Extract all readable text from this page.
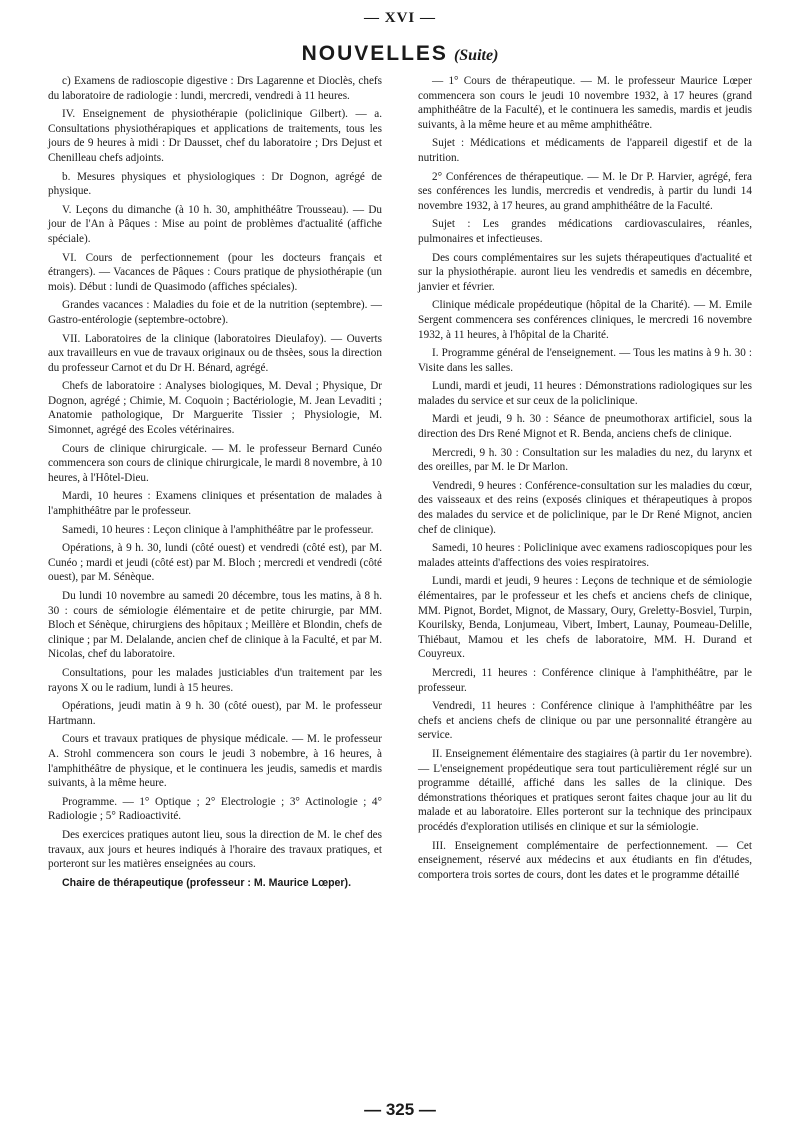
— XVI —
NOUVELLES (Suite)

c) Examens de radioscopie digestive : Drs Lagarenne et Dioclès, chefs du laboratoire de radiologie : lundi, mercredi, vendredi à 11 heures.

IV. Enseignement de physiothérapie (policlinique Gilbert). — a. Consultations physiothérapiques et applications de traitements, tous les jours de 9 heures à midi : Dr Dausset, chef du laboratoire ; Drs Dejust et Chenilleau chefs adjoints.

b. Mesures physiques et physiologiques : Dr Dognon, agrégé de physique.

V. Leçons du dimanche (à 10 h. 30, amphithéâtre Trousseau). — Du jour de l'An à Pâques : Mise au point de problèmes d'actualité (affiche spéciale).

VI. Cours de perfectionnement (pour les docteurs français et étrangers). — Vacances de Pâques : Cours pratique de physiothérapie (un mois). Début : lundi de Quasimodo (affiches spéciales).

Grandes vacances : Maladies du foie et de la nutrition (septembre). — Gastro-entérologie (septembre-octobre).

VII. Laboratoires de la clinique (laboratoires Dieulafoy). — Ouverts aux travailleurs en vue de travaux originaux ou de thsèes, sous la direction du professeur Carnot et du Dr H. Bénard, agrégé.

Chefs de laboratoire : Analyses biologiques, M. Deval ; Physique, Dr Dognon, agrégé ; Chimie, M. Coquoin ; Bactériologie, M. Jean Levaditi ; Anatomie pathologique, Dr Marguerite Tissier ; Physiologie, M. Simonnet, agrégé des Ecoles vétérinaires.

Cours de clinique chirurgicale. — M. le professeur Bernard Cunéo commencera son cours de clinique chirurgicale, le mardi 8 novembre, à 10 heures, à l'Hôtel-Dieu.

Mardi, 10 heures : Examens cliniques et présentation de malades à l'amphithéâtre par le professeur.

Samedi, 10 heures : Leçon clinique à l'amphithéâtre par le professeur.

Opérations, à 9 h. 30, lundi (côté ouest) et vendredi (côté est), par M. Cunéo ; mardi et jeudi (côté est) par M. Bloch ; mercredi et vendredi (côté ouest), par M. Sénèque.

Du lundi 10 novembre au samedi 20 décembre, tous les matins, à 8 h. 30 : cours de sémiologie élémentaire et de petite chirurgie, par MM. Bloch et Sénèque, chirurgiens des hôpitaux ; Meillère et Blondin, chefs de clinique ; par M. Delalande, ancien chef de clinique à la Faculté, et par M. Nicolas, chef du laboratoire.

Consultations, pour les malades justiciables d'un traitement par les rayons X ou le radium, lundi à 15 heures.

Opérations, jeudi matin à 9 h. 30 (côté ouest), par M. le professeur Hartmann.

Cours et travaux pratiques de physique médicale. — M. le professeur A. Strohl commencera son cours le jeudi 3 nobembre, à 16 heures, à l'amphithéâtre de physique, et le continuera les jeudis, samedis et mardis suivants, à la même heure.

Programme. — 1° Optique ; 2° Electrologie ; 3° Actinologie ; 4° Radiologie ; 5° Radioactivité.

Des exercices pratiques autont lieu, sous la direction de M. le chef des travaux, aux jours et heures indiqués à l'horaire des travaux pratiques, et porteront sur les matières enseignées au cours.

Chaire de thérapeutique (professeur : M. Maurice Lœper).

— 1° Cours de thérapeutique. — M. le professeur Maurice Lœper commencera son cours le jeudi 10 novembre 1932, à 17 heures (grand amphithéâtre de la Faculté), et le continuera les samedis, mardis et jeudis suivants, à la même heure et au même amphithéâtre.

Sujet : Médications et médicaments de l'appareil digestif et de la nutrition.

2° Conférences de thérapeutique. — M. le Dr P. Harvier, agrégé, fera ses conférences les lundis, mercredis et vendredis, à partir du lundi 14 novembre 1932, à 17 heures, au grand amphithéâtre de la Faculté.

Sujet : Les grandes médications cardiovasculaires, réanles, pulmonaires et infectieuses.

Des cours complémentaires sur les sujets thérapeutiques d'actualité et sur la physiothérapie. auront lieu les vendredis et samedis en décembre, janvier et février.

Clinique médicale propédeutique (hôpital de la Charité). — M. Emile Sergent commencera ses conférences cliniques, le mercredi 16 novembre 1932, à 11 heures, à l'hôpital de la Charité.

I. Programme général de l'enseignement. — Tous les matins à 9 h. 30 : Visite dans les salles.

Lundi, mardi et jeudi, 11 heures : Démonstrations radiologiques sur les malades du service et sur ceux de la policlinique.

Mardi et jeudi, 9 h. 30 : Séance de pneumothorax artificiel, sous la direction des Drs René Mignot et R. Benda, anciens chefs de clinique.

Mercredi, 9 h. 30 : Consultation sur les maladies du nez, du larynx et des oreilles, par M. le Dr Marlon.

Vendredi, 9 heures : Conférence-consultation sur les maladies du cœur, des vaisseaux et des reins (exposés cliniques et thérapeutiques à propos des malades du service et de policlinique, par le Dr René Mignot, ancien chef de clinique).

Samedi, 10 heures : Policlinique avec examens radioscopiques pour les malades atteints d'affections des voies respiratoires.

Lundi, mardi et jeudi, 9 heures : Leçons de technique et de sémiologie élémentaires, par le professeur et les chefs et anciens chefs de clinique, MM. Pignot, Bordet, Mignot, de Massary, Oury, Greletty-Bosviel, Turpin, Kourilsky, Benda, Lonjumeau, Vibert, Imbert, Launay, Poumeau-Delille, Thiébaut, Mamou et les chefs de laboratoire, MM. H. Durand et Couyreux.

Mercredi, 11 heures : Conférence clinique à l'amphithéâtre, par le professeur.

Vendredi, 11 heures : Conférence clinique à l'amphithéâtre par les chefs et anciens chefs de clinique ou par une personnalité étrangère au service.

II. Enseignement élémentaire des stagiaires (à partir du 1er novembre). — L'enseignement propédeutique sera tout particulièrement réglé sur un programme détaillé, affiché dans les salles de la clinique. Des démonstrations théoriques et pratiques seront faites chaque jour au lit du malade et au laboratoire. Elles porteront sur la technique des principaux procédés d'exploration utilisés en clinique et sur la sémiologie.

III. Enseignement complémentaire de perfectionnement. — Cet enseignement, réservé aux médecins et aux étudiants en fin d'études, comportera trois sortes de cours, dont les dates et le programme détaillé

— 325 —
